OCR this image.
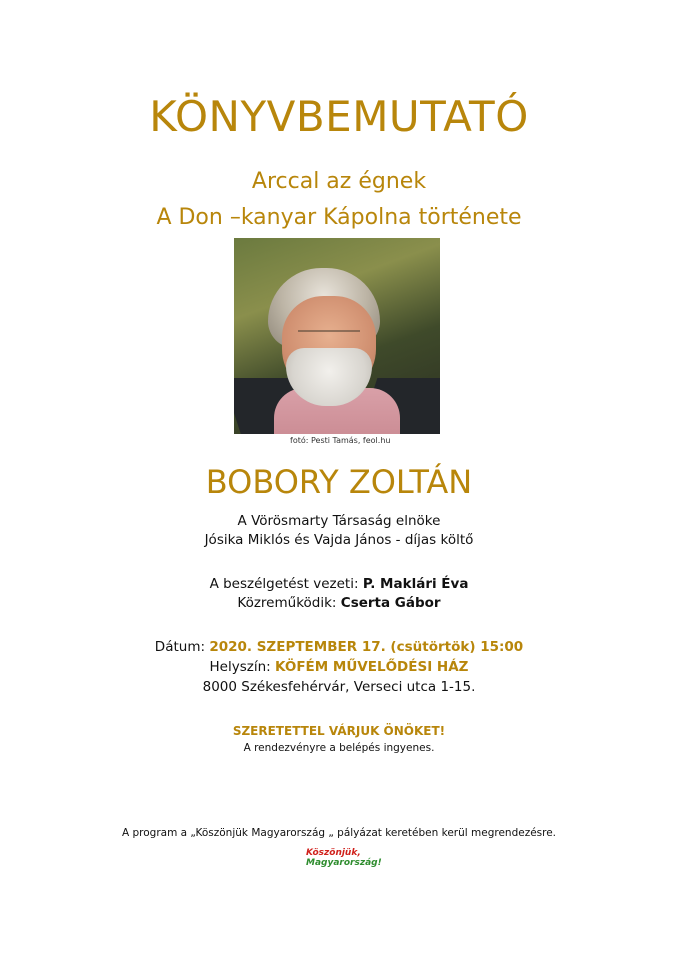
KÖNYVBEMUTATÓ
Arccal az égnek
A Don –kanyar Kápolna története
fotó: Pesti Tamás, feol.hu
BOBORY ZOLTÁN
A Vörösmarty Társaság elnöke
Jósika Miklós és Vajda János - díjas költő
A beszélgetést vezeti: P. Maklári Éva
Közreműködik: Cserta Gábor
Dátum: 2020. SZEPTEMBER 17. (csütörtök) 15:00
Helyszín: KÖFÉM MŰVELŐDÉSI HÁZ
8000 Székesfehérvár, Verseci utca 1-15.
SZERETETTEL VÁRJUK ÖNÖKET!
A rendezvényre a belépés ingyenes.
A program a „Köszönjük Magyarország „ pályázat keretében kerül megrendezésre.
Köszönjük,
Magyarország!
